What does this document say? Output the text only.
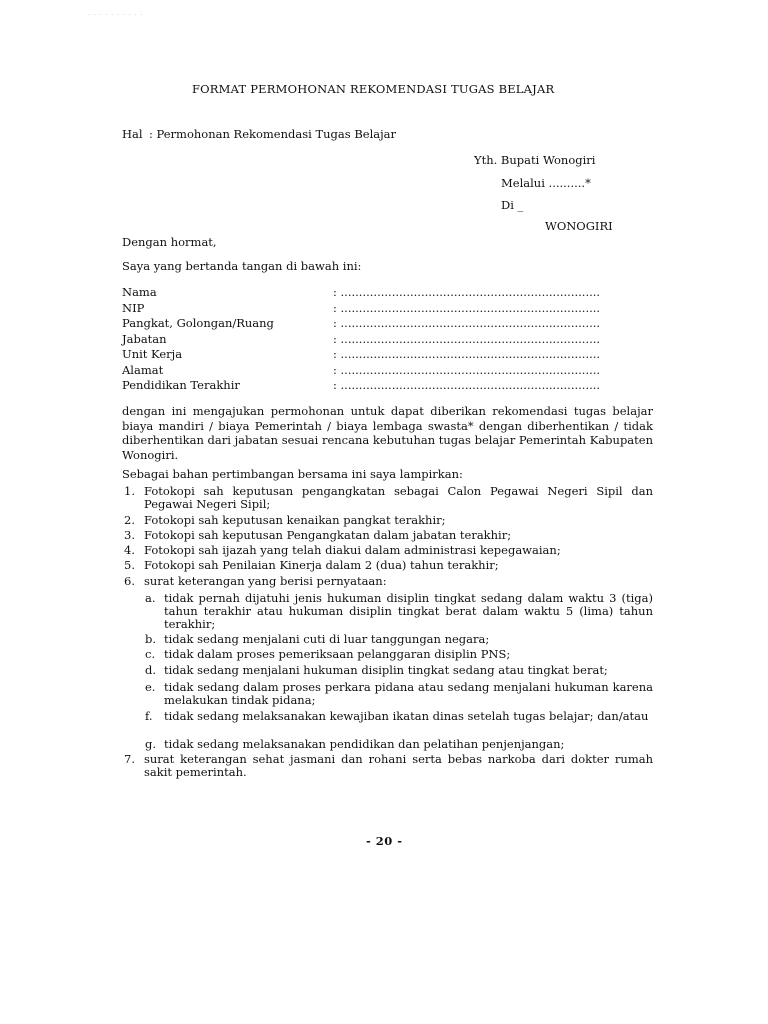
· · · · · · · · · ·
FORMAT PERMOHONAN REKOMENDASI TUGAS BELAJAR
Hal : Permohonan Rekomendasi Tugas Belajar
Yth. Bupati Wonogiri
Melalui ..........*
Di _
WONOGIRI
Dengan hormat,
Saya yang bertanda tangan di bawah ini:
Nama	: .......................................................................
NIP	: .......................................................................
Pangkat, Golongan/Ruang	: .......................................................................
Jabatan	: .......................................................................
Unit Kerja	: .......................................................................
Alamat	: .......................................................................
Pendidikan Terakhir	: .......................................................................
dengan ini mengajukan permohonan untuk dapat diberikan rekomendasi tugas belajar biaya mandiri / biaya Pemerintah / biaya lembaga swasta* dengan diberhentikan / tidak diberhentikan dari jabatan sesuai rencana kebutuhan tugas belajar Pemerintah Kabupaten Wonogiri.
Sebagai bahan pertimbangan bersama ini saya lampirkan:
1. Fotokopi sah keputusan pengangkatan sebagai Calon Pegawai Negeri Sipil dan Pegawai Negeri Sipil;
2. Fotokopi sah keputusan kenaikan pangkat terakhir;
3. Fotokopi sah keputusan Pengangkatan dalam jabatan terakhir;
4. Fotokopi sah ijazah yang telah diakui dalam administrasi kepegawaian;
5. Fotokopi sah Penilaian Kinerja dalam 2 (dua) tahun terakhir;
6. surat keterangan yang berisi pernyataan:
a. tidak pernah dijatuhi jenis hukuman disiplin tingkat sedang dalam waktu 3 (tiga) tahun terakhir atau hukuman disiplin tingkat berat dalam waktu 5 (lima) tahun terakhir;
b. tidak sedang menjalani cuti di luar tanggungan negara;
c. tidak dalam proses pemeriksaan pelanggaran disiplin PNS;
d. tidak sedang menjalani hukuman disiplin tingkat sedang atau tingkat berat;
e. tidak sedang dalam proses perkara pidana atau sedang menjalani hukuman karena melakukan tindak pidana;
f. tidak sedang melaksanakan kewajiban ikatan dinas setelah tugas belajar; dan/atau
g. tidak sedang melaksanakan pendidikan dan pelatihan penjenjangan;
7. surat keterangan sehat jasmani dan rohani serta bebas narkoba dari dokter rumah sakit pemerintah.
- 20 -
